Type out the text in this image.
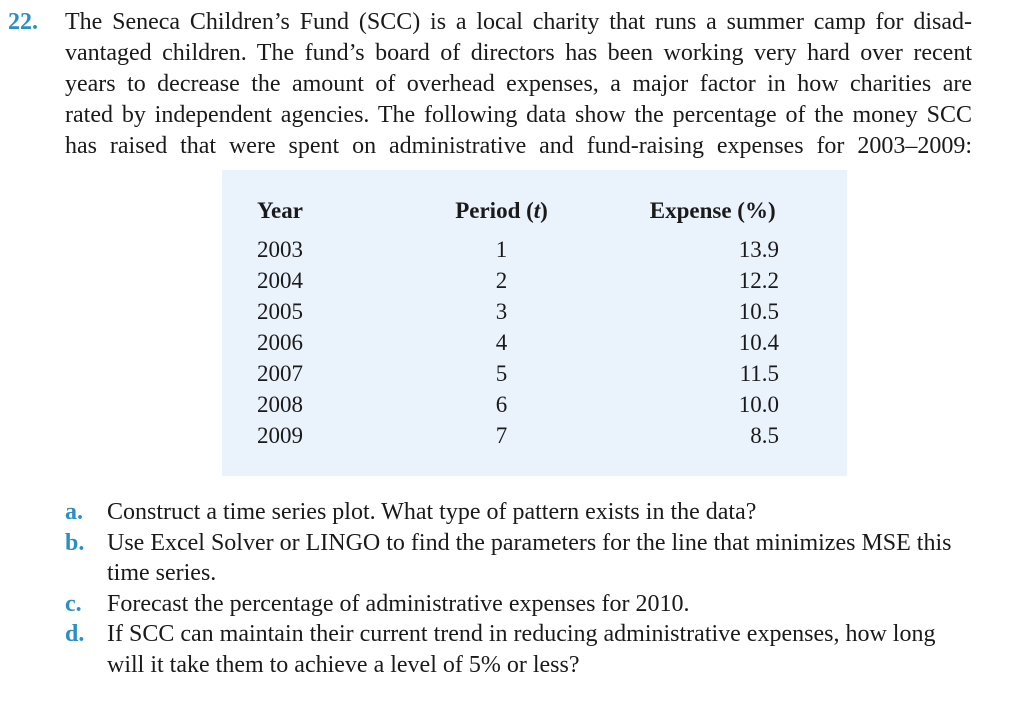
22. The Seneca Children’s Fund (SCC) is a local charity that runs a summer camp for disad-
vantaged children. The fund’s board of directors has been working very hard over recent
years to decrease the amount of overhead expenses, a major factor in how charities are
rated by independent agencies. The following data show the percentage of the money SCC
has raised that were spent on administrative and fund-raising expenses for 2003–2009:
Year	Period (t)	Expense (%)
2003	1	13.9
2004	2	12.2
2005	3	10.5
2006	4	10.4
2007	5	11.5
2008	6	10.0
2009	7	8.5
a. Construct a time series plot. What type of pattern exists in the data?
b. Use Excel Solver or LINGO to find the parameters for the line that minimizes MSE this time series.
c. Forecast the percentage of administrative expenses for 2010.
d. If SCC can maintain their current trend in reducing administrative expenses, how long will it take them to achieve a level of 5% or less?
